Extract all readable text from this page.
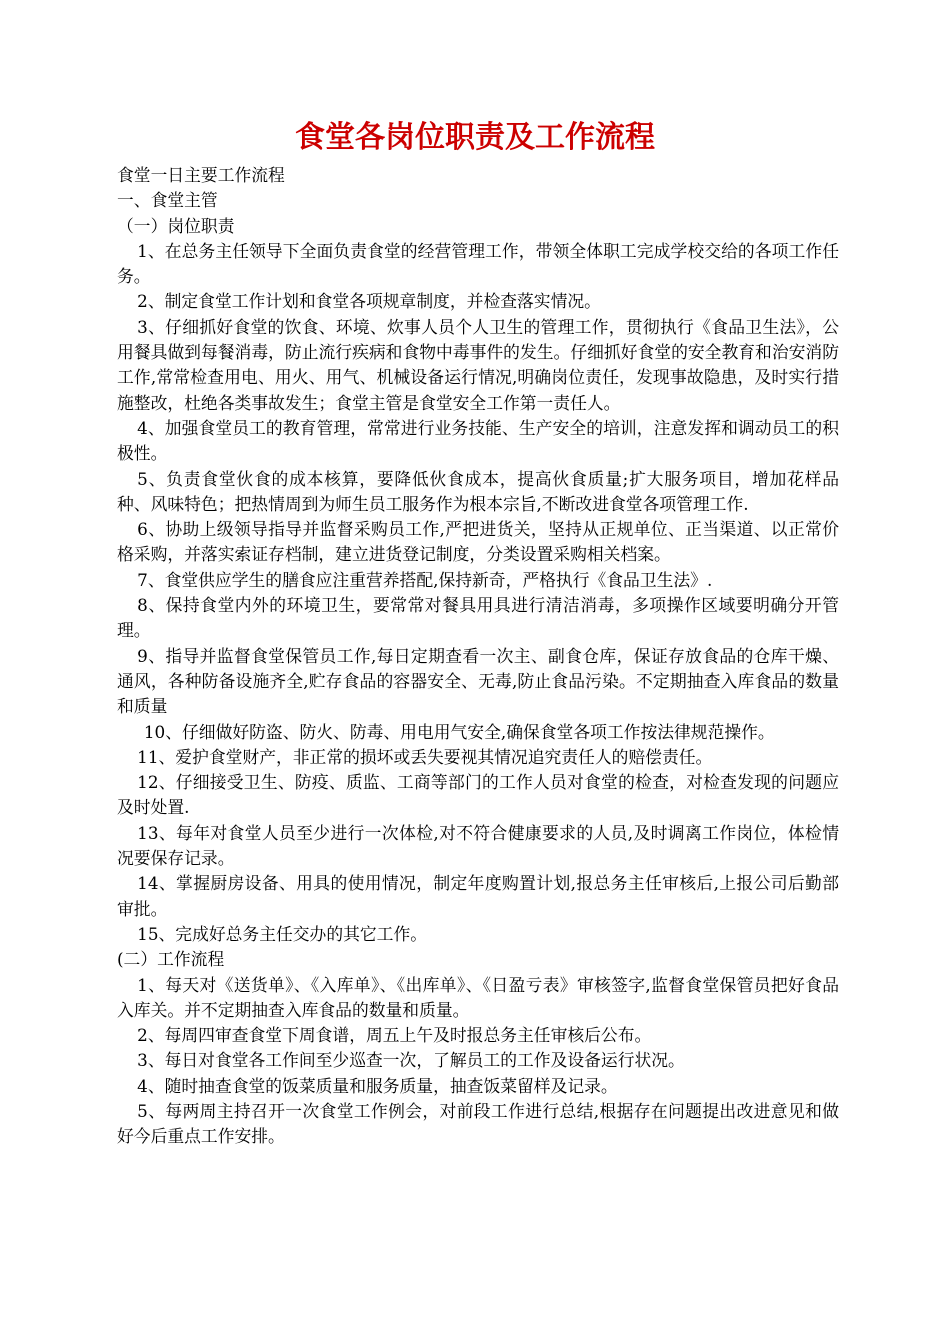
食堂各岗位职责及工作流程

食堂一日主要工作流程

一、食堂主管

（一）岗位职责

1、在总务主任领导下全面负责食堂的经营管理工作，带领全体职工完成学校交给的各项工作任务。

2、制定食堂工作计划和食堂各项规章制度，并检查落实情况。

3、仔细抓好食堂的饮食、环境、炊事人员个人卫生的管理工作，贯彻执行《食品卫生法》，公用餐具做到每餐消毒，防止流行疾病和食物中毒事件的发生。仔细抓好食堂的安全教育和治安消防工作,常常检查用电、用火、用气、机械设备运行情况,明确岗位责任，发现事故隐患，及时实行措施整改，杜绝各类事故发生；食堂主管是食堂安全工作第一责任人。

4、加强食堂员工的教育管理，常常进行业务技能、生产安全的培训，注意发挥和调动员工的积极性。

5、负责食堂伙食的成本核算，要降低伙食成本，提高伙食质量;扩大服务项目，增加花样品种、风味特色；把热情周到为师生员工服务作为根本宗旨,不断改进食堂各项管理工作.

6、协助上级领导指导并监督采购员工作,严把进货关，坚持从正规单位、正当渠道、以正常价格采购，并落实索证存档制，建立进货登记制度，分类设置采购相关档案。

7、食堂供应学生的膳食应注重营养搭配,保持新奇，严格执行《食品卫生法》.

8、保持食堂内外的环境卫生，要常常对餐具用具进行清洁消毒，多项操作区域要明确分开管理。

9、指导并监督食堂保管员工作,每日定期查看一次主、副食仓库，保证存放食品的仓库干燥、通风，各种防备设施齐全,贮存食品的容器安全、无毒,防止食品污染。不定期抽查入库食品的数量和质量

10、仔细做好防盗、防火、防毒、用电用气安全,确保食堂各项工作按法律规范操作。

11、爱护食堂财产，非正常的损坏或丢失要视其情况追究责任人的赔偿责任。

12、仔细接受卫生、防疫、质监、工商等部门的工作人员对食堂的检查，对检查发现的问题应及时处置.

13、每年对食堂人员至少进行一次体检,对不符合健康要求的人员,及时调离工作岗位，体检情况要保存记录。

14、掌握厨房设备、用具的使用情况，制定年度购置计划,报总务主任审核后,上报公司后勤部审批。

15、完成好总务主任交办的其它工作。

(二）工作流程

1、每天对《送货单》、《入库单》、《出库单》、《日盈亏表》审核签字,监督食堂保管员把好食品入库关。并不定期抽查入库食品的数量和质量。

2、每周四审查食堂下周食谱，周五上午及时报总务主任审核后公布。

3、每日对食堂各工作间至少巡查一次，了解员工的工作及设备运行状况。

4、随时抽查食堂的饭菜质量和服务质量，抽查饭菜留样及记录。

5、每两周主持召开一次食堂工作例会，对前段工作进行总结,根据存在问题提出改进意见和做好今后重点工作安排。
